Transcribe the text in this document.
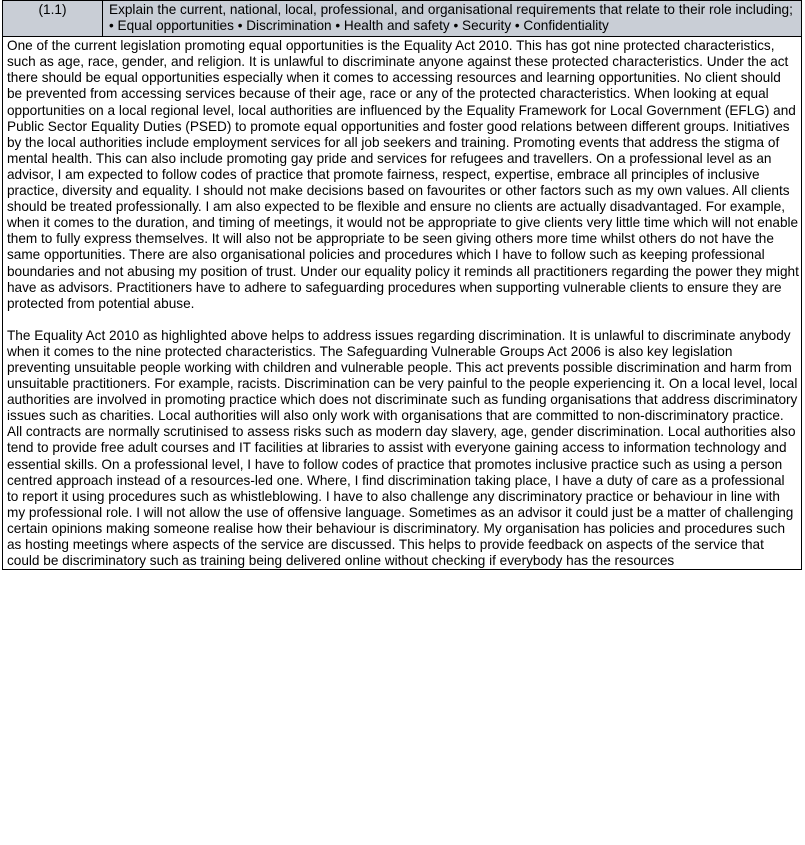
(1.1)	Explain the current, national, local, professional, and organisational requirements that relate to their role including; • Equal opportunities • Discrimination • Health and safety • Security • Confidentiality

One of the current legislation promoting equal opportunities is the Equality Act 2010. This has got nine protected characteristics, such as age, race, gender, and religion. It is unlawful to discriminate anyone against these protected characteristics. Under the act there should be equal opportunities especially when it comes to accessing resources and learning opportunities. No client should be prevented from accessing services because of their age, race or any of the protected characteristics. When looking at equal opportunities on a local regional level, local authorities are influenced by the Equality Framework for Local Government (EFLG) and Public Sector Equality Duties (PSED) to promote equal opportunities and foster good relations between different groups. Initiatives by the local authorities include employment services for all job seekers and training. Promoting events that address the stigma of mental health. This can also include promoting gay pride and services for refugees and travellers. On a professional level as an advisor, I am expected to follow codes of practice that promote fairness, respect, expertise, embrace all principles of inclusive practice, diversity and equality. I should not make decisions based on favourites or other factors such as my own values. All clients should be treated professionally. I am also expected to be flexible and ensure no clients are actually disadvantaged. For example, when it comes to the duration, and timing of meetings, it would not be appropriate to give clients very little time which will not enable them to fully express themselves. It will also not be appropriate to be seen giving others more time whilst others do not have the same opportunities. There are also organisational policies and procedures which I have to follow such as keeping professional boundaries and not abusing my position of trust. Under our equality policy it reminds all practitioners regarding the power they might have as advisors. Practitioners have to adhere to safeguarding procedures when supporting vulnerable clients to ensure they are protected from potential abuse.

The Equality Act 2010 as highlighted above helps to address issues regarding discrimination. It is unlawful to discriminate anybody when it comes to the nine protected characteristics. The Safeguarding Vulnerable Groups Act 2006 is also key legislation preventing unsuitable people working with children and vulnerable people. This act prevents possible discrimination and harm from unsuitable practitioners. For example, racists. Discrimination can be very painful to the people experiencing it. On a local level, local authorities are involved in promoting practice which does not discriminate such as funding organisations that address discriminatory issues such as charities. Local authorities will also only work with organisations that are committed to non-discriminatory practice. All contracts are normally scrutinised to assess risks such as modern day slavery, age, gender discrimination. Local authorities also tend to provide free adult courses and IT facilities at libraries to assist with everyone gaining access to information technology and essential skills. On a professional level, I have to follow codes of practice that promotes inclusive practice such as using a person centred approach instead of a resources-led one. Where, I find discrimination taking place, I have a duty of care as a professional to report it using procedures such as whistleblowing. I have to also challenge any discriminatory practice or behaviour in line with my professional role. I will not allow the use of offensive language. Sometimes as an advisor it could just be a matter of challenging certain opinions making someone realise how their behaviour is discriminatory. My organisation has policies and procedures such as hosting meetings where aspects of the service are discussed. This helps to provide feedback on aspects of the service that could be discriminatory such as training being delivered online without checking if everybody has the resources
